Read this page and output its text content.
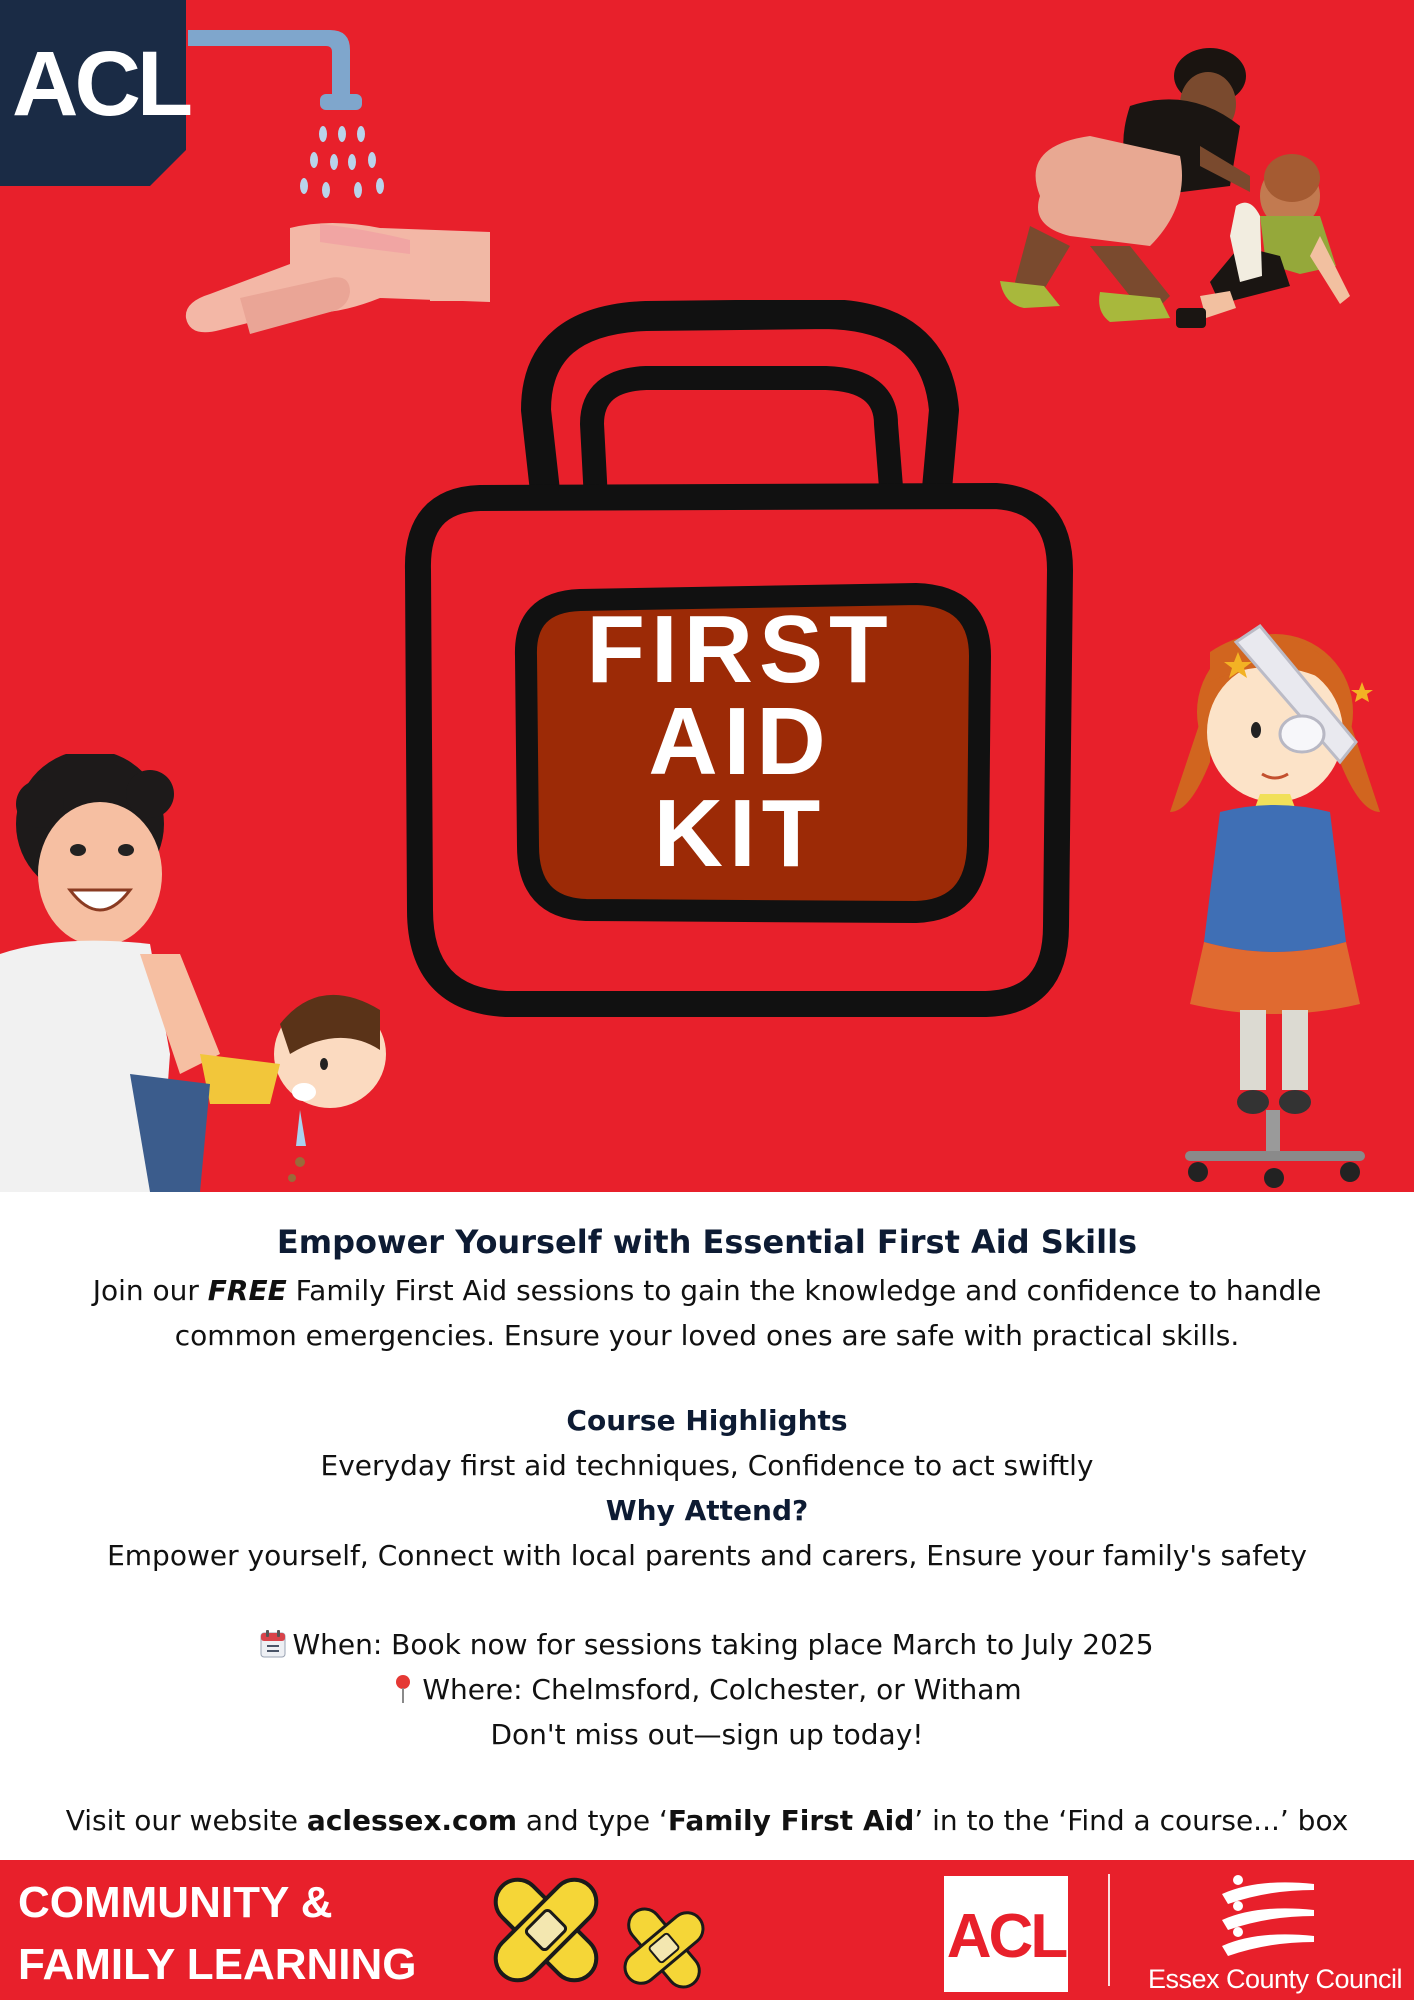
ACL
FIRST
AID
KIT
Empower Yourself with Essential First Aid Skills

Join our FREE Family First Aid sessions to gain the knowledge and confidence to handle common emergencies. Ensure your loved ones are safe with practical skills.

Course Highlights

Everyday first aid techniques, Confidence to act swiftly

Why Attend?

Empower yourself, Connect with local parents and carers, Ensure your family's safety

When: Book now for sessions taking place March to July 2025

Where: Chelmsford, Colchester, or Witham

Don't miss out—sign up today!

Visit our website aclessex.com and type ‘Family First Aid’ in to the ‘Find a course...’ box

COMMUNITY &
FAMILY LEARNING	ACL
Essex County Council
